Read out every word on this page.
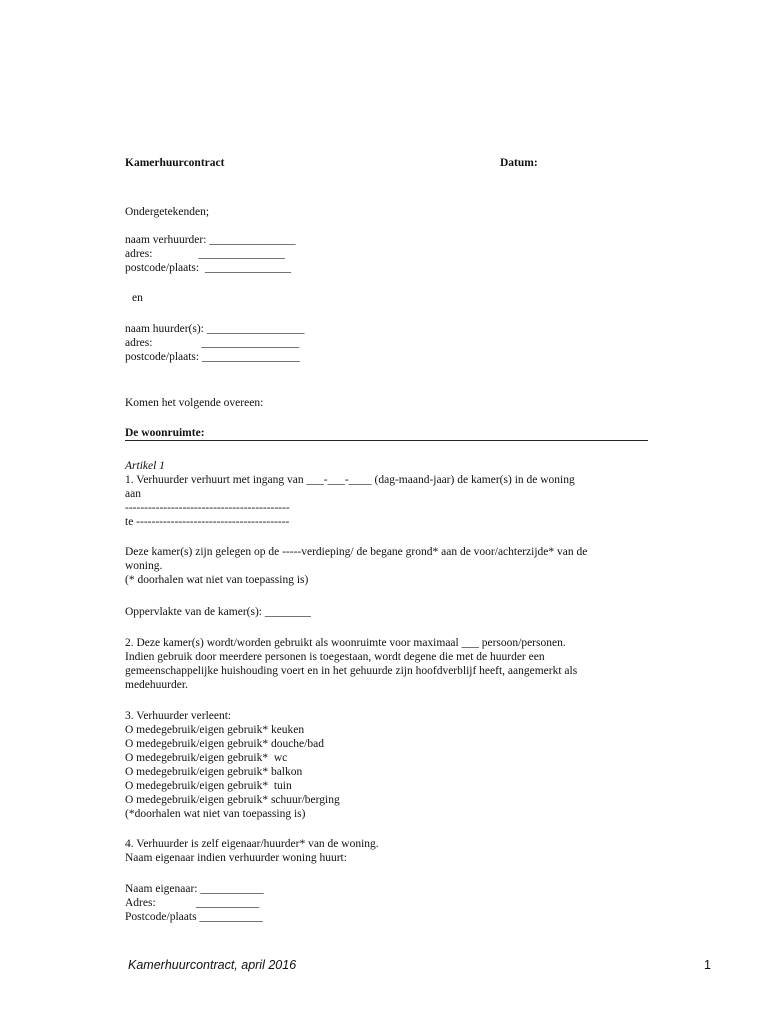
Kamerhuurcontract	Datum:
Ondergetekenden;
naam verhuurder: _______________
adres:                _______________
postcode/plaats:  _______________
en
naam huurder(s): _________________
adres:                 _________________
postcode/plaats: _________________
Komen het volgende overeen:
De woonruimte:
Artikel 1
1. Verhuurder verhuurt met ingang van ___-___-____ (dag-maand-jaar) de kamer(s) in de woning
aan
-------------------------------------------
te ----------------------------------------
Deze kamer(s) zijn gelegen op de -----verdieping/ de begane grond* aan de voor/achterzijde* van de
woning.
(* doorhalen wat niet van toepassing is)
Oppervlakte van de kamer(s): ________
2. Deze kamer(s) wordt/worden gebruikt als woonruimte voor maximaal ___ persoon/personen.
Indien gebruik door meerdere personen is toegestaan, wordt degene die met de huurder een
gemeenschappelijke huishouding voert en in het gehuurde zijn hoofdverblijf heeft, aangemerkt als
medehuurder.
3. Verhuurder verleent:
O medegebruik/eigen gebruik* keuken
O medegebruik/eigen gebruik* douche/bad
O medegebruik/eigen gebruik*  wc
O medegebruik/eigen gebruik* balkon
O medegebruik/eigen gebruik*  tuin
O medegebruik/eigen gebruik* schuur/berging
(*doorhalen wat niet van toepassing is)
4. Verhuurder is zelf eigenaar/huurder* van de woning.
Naam eigenaar indien verhuurder woning huurt:
Naam eigenaar: ___________
Adres:              ___________
Postcode/plaats ___________
Kamerhuurcontract, april 2016	1
